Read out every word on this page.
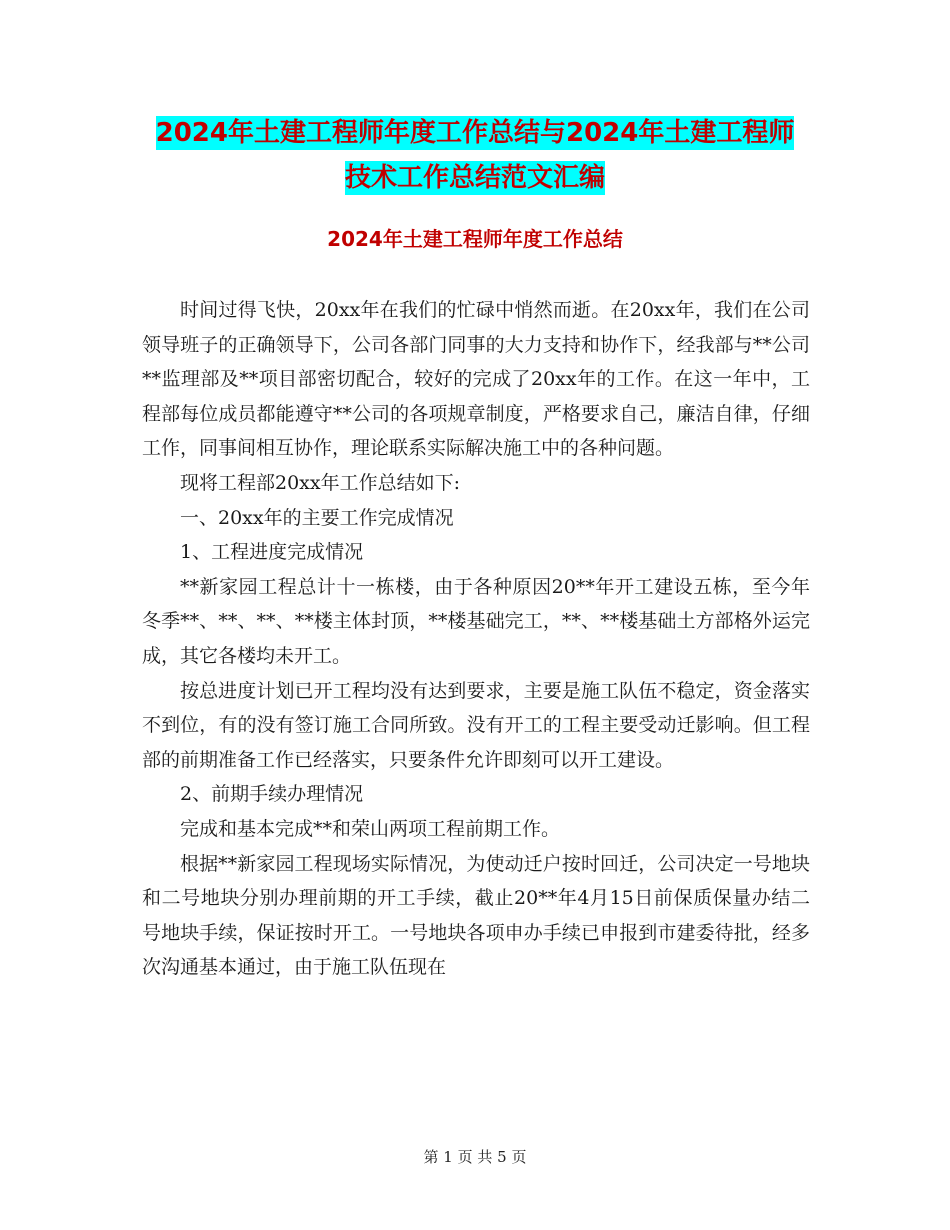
2024年土建工程师年度工作总结与2024年土建工程师
技术工作总结范文汇编
2024年土建工程师年度工作总结

时间过得飞快，20xx年在我们的忙碌中悄然而逝。在20xx年，我们在公司领导班子的正确领导下，公司各部门同事的大力支持和协作下，经我部与**公司**监理部及**项目部密切配合，较好的完成了20xx年的工作。在这一年中，工程部每位成员都能遵守**公司的各项规章制度，严格要求自己，廉洁自律，仔细工作，同事间相互协作，理论联系实际解决施工中的各种问题。

现将工程部20xx年工作总结如下:

一、20xx年的主要工作完成情况

1、工程进度完成情况

**新家园工程总计十一栋楼，由于各种原因20**年开工建设五栋，至今年冬季**、**、**、**楼主体封顶，**楼基础完工，**、**楼基础土方部格外运完成，其它各楼均未开工。

按总进度计划已开工程均没有达到要求，主要是施工队伍不稳定，资金落实不到位，有的没有签订施工合同所致。没有开工的工程主要受动迁影响。但工程部的前期准备工作已经落实，只要条件允许即刻可以开工建设。

2、前期手续办理情况

完成和基本完成**和荣山两项工程前期工作。

根据**新家园工程现场实际情况，为使动迁户按时回迁，公司决定一号地块和二号地块分别办理前期的开工手续，截止20**年4月15日前保质保量办结二号地块手续，保证按时开工。一号地块各项申办手续已申报到市建委待批，经多次沟通基本通过，由于施工队伍现在

第 1 页 共 5 页
